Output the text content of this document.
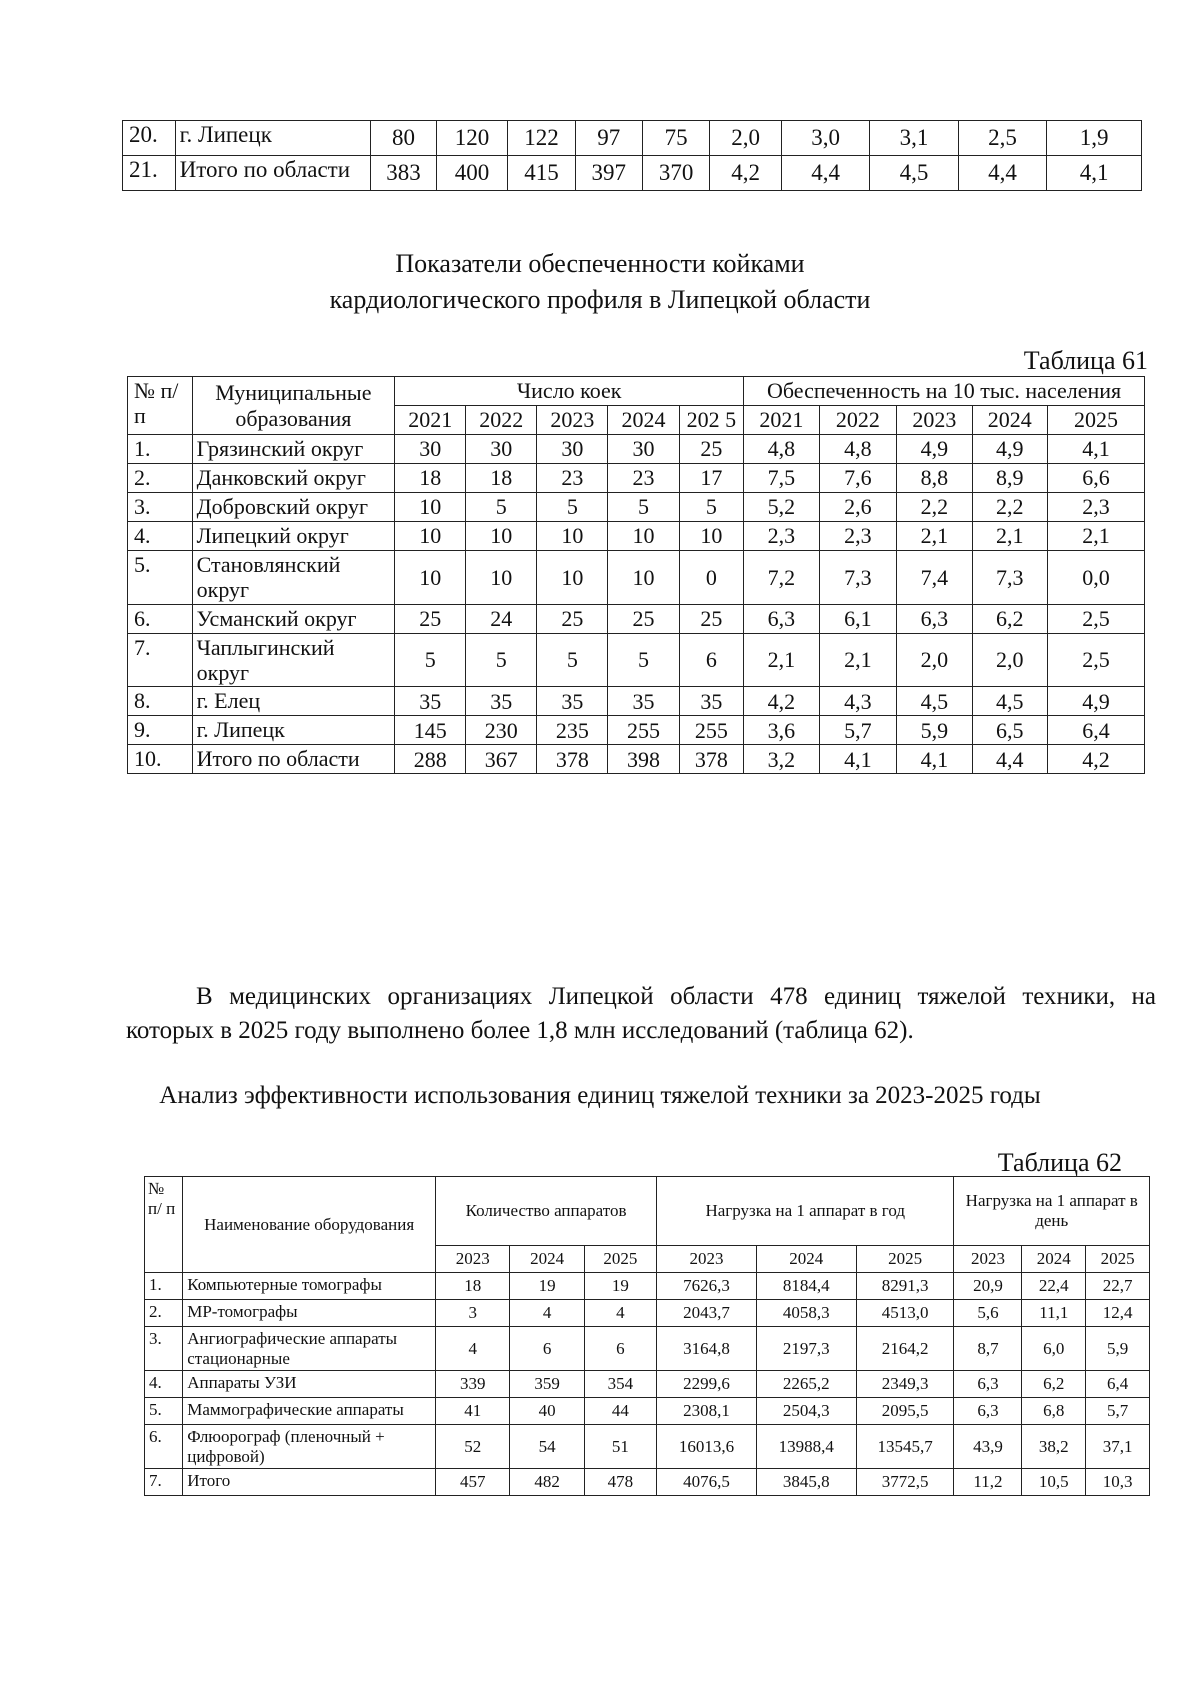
20.	г. Липецк	80	120	122	97	75	2,0	3,0	3,1	2,5	1,9
21.	Итого по области	383	400	415	397	370	4,2	4,4	4,5	4,4	4,1
Показатели обеспеченности койками
кардиологического профиля в Липецкой области
Таблица 61
№ п/п	Муниципальные образования	Число коек					Обеспеченность на 10 тыс. населения				
		2021	2022	2023	2024	202 5	2021	2022	2023	2024	2025
1.	Грязинский округ	30	30	30	30	25	4,8	4,8	4,9	4,9	4,1
2.	Данковский округ	18	18	23	23	17	7,5	7,6	8,8	8,9	6,6
3.	Добровский округ	10	5	5	5	5	5,2	2,6	2,2	2,2	2,3
4.	Липецкий округ	10	10	10	10	10	2,3	2,3	2,1	2,1	2,1
5.	Становлянский округ	10	10	10	10	0	7,2	7,3	7,4	7,3	0,0
6.	Усманский округ	25	24	25	25	25	6,3	6,1	6,3	6,2	2,5
7.	Чаплыгинский округ	5	5	5	5	6	2,1	2,1	2,0	2,0	2,5
8.	г. Елец	35	35	35	35	35	4,2	4,3	4,5	4,5	4,9
9.	г. Липецк	145	230	235	255	255	3,6	5,7	5,9	6,5	6,4
10.	Итого по области	288	367	378	398	378	3,2	4,1	4,1	4,4	4,2
В медицинских организациях Липецкой области 478 единиц тяжелой техники, на которых в 2025 году выполнено более 1,8 млн исследований (таблица 62).
Анализ эффективности использования единиц тяжелой техники за 2023-2025 годы
Таблица 62
№ п/ п	Наименование оборудования	Количество аппаратов			Нагрузка на 1 аппарат в год			Нагрузка на 1 аппарат в день		
		2023	2024	2025	2023	2024	2025	2023	2024	2025
1.	Компьютерные томографы	18	19	19	7626,3	8184,4	8291,3	20,9	22,4	22,7
2.	МР-томографы	3	4	4	2043,7	4058,3	4513,0	5,6	11,1	12,4
3.	Ангиографические аппараты стационарные	4	6	6	3164,8	2197,3	2164,2	8,7	6,0	5,9
4.	Аппараты УЗИ	339	359	354	2299,6	2265,2	2349,3	6,3	6,2	6,4
5.	Маммографические аппараты	41	40	44	2308,1	2504,3	2095,5	6,3	6,8	5,7
6.	Флюорограф (пленочный + цифровой)	52	54	51	16013,6	13988,4	13545,7	43,9	38,2	37,1
7.	Итого	457	482	478	4076,5	3845,8	3772,5	11,2	10,5	10,3
